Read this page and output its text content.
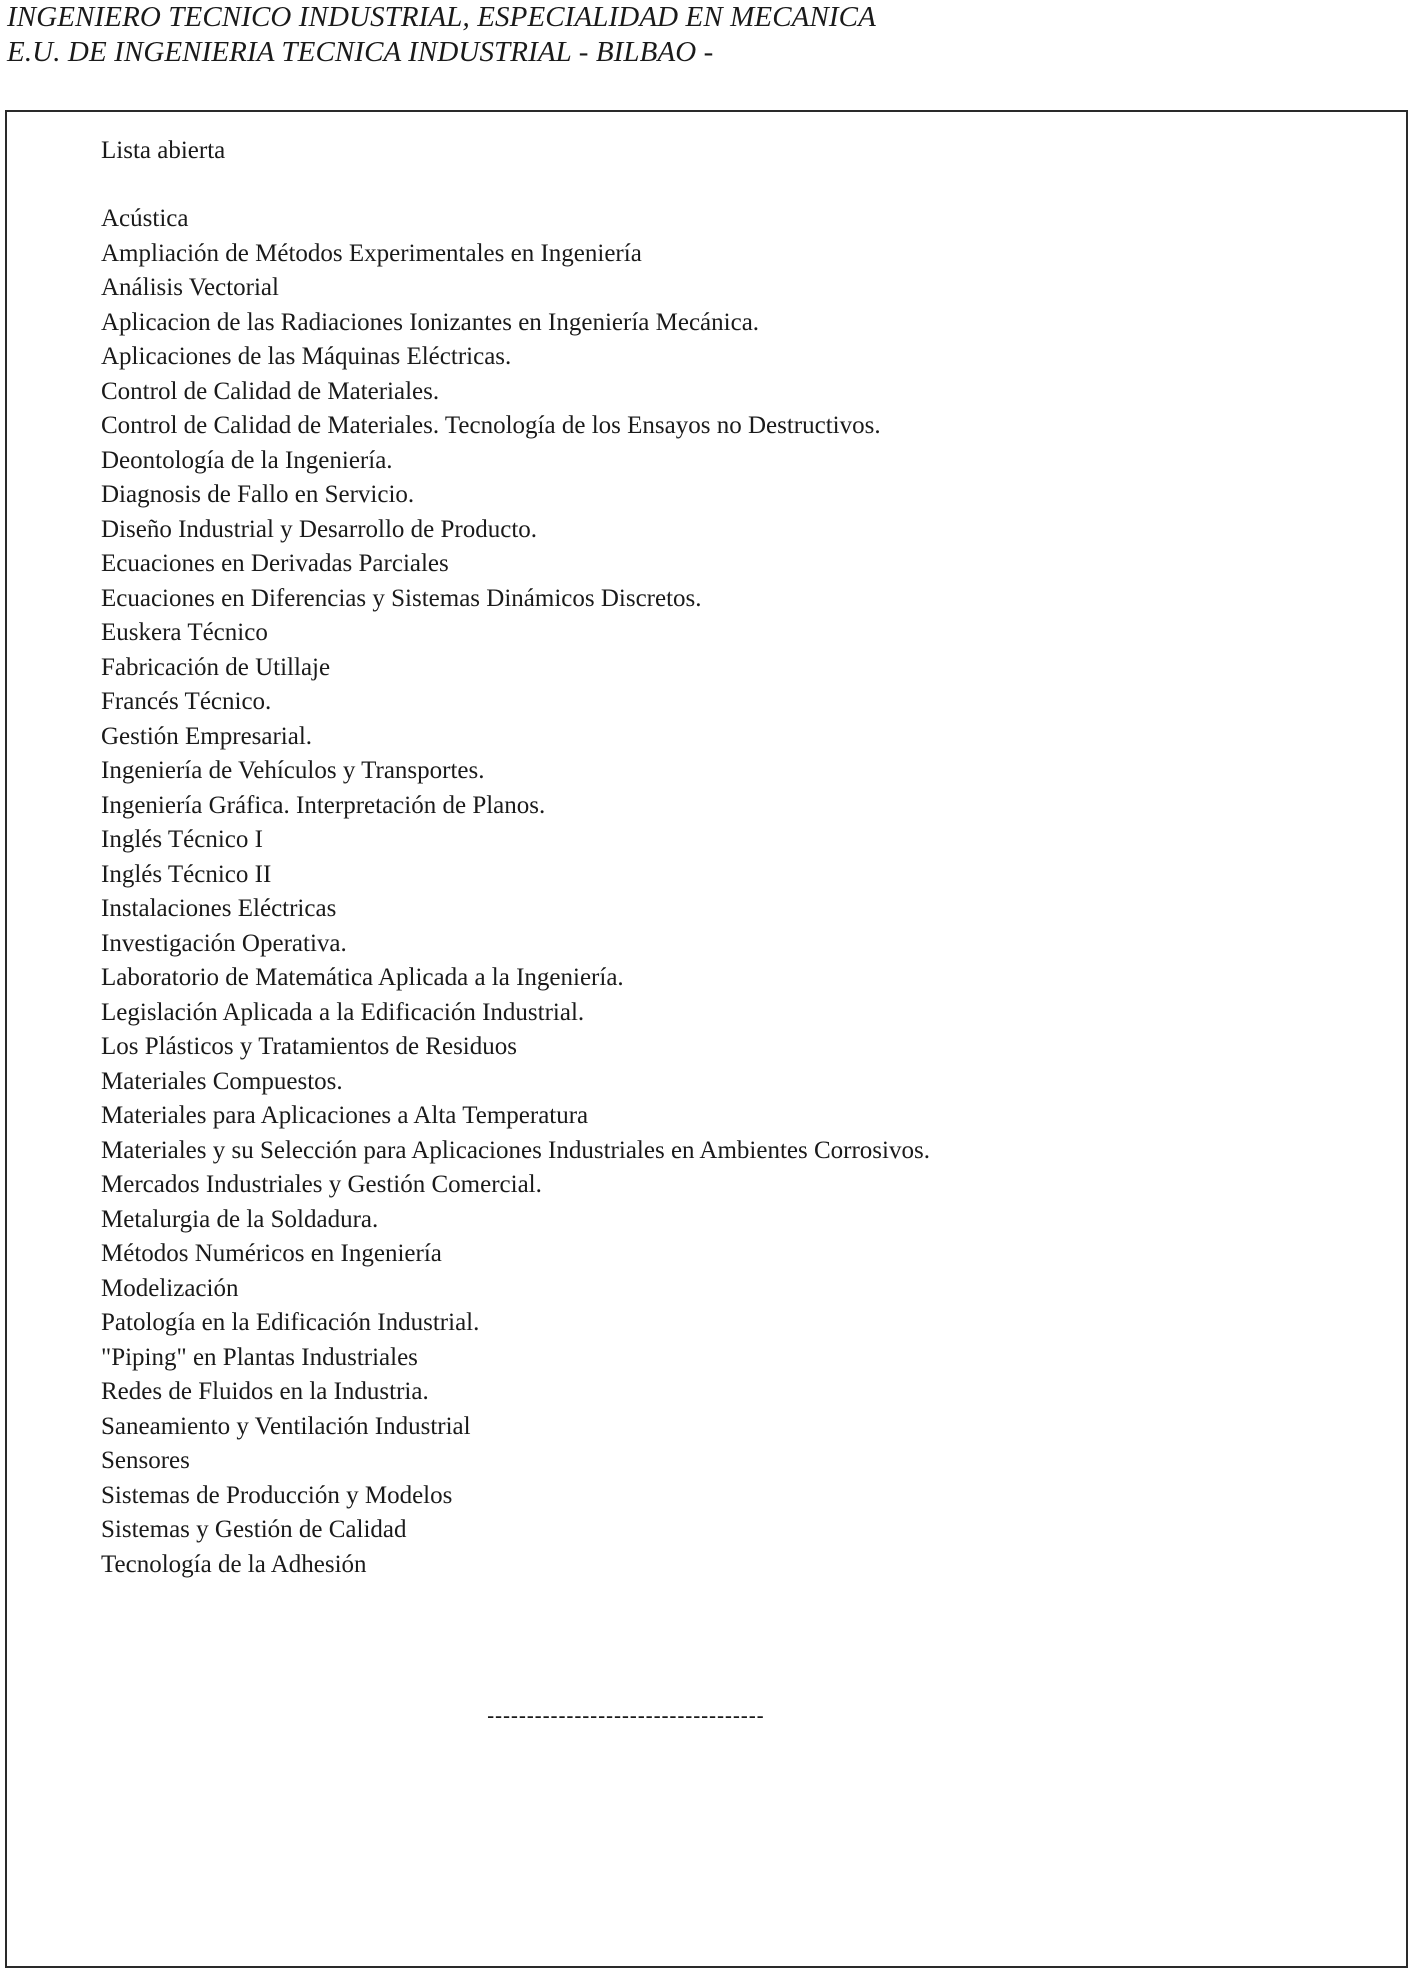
INGENIERO TECNICO INDUSTRIAL, ESPECIALIDAD EN MECANICA
E.U. DE INGENIERIA TECNICA INDUSTRIAL - BILBAO -
Lista abierta
Acústica
Ampliación de Métodos Experimentales en Ingeniería
Análisis Vectorial
Aplicacion de las Radiaciones Ionizantes en Ingeniería Mecánica.
Aplicaciones de las Máquinas Eléctricas.
Control de Calidad de Materiales.
Control de Calidad de Materiales. Tecnología de los Ensayos no Destructivos.
Deontología de la Ingeniería.
Diagnosis de Fallo en Servicio.
Diseño Industrial y Desarrollo de Producto.
Ecuaciones en Derivadas Parciales
Ecuaciones en Diferencias y Sistemas Dinámicos Discretos.
Euskera Técnico
Fabricación de Utillaje
Francés Técnico.
Gestión Empresarial.
Ingeniería de Vehículos y Transportes.
Ingeniería Gráfica. Interpretación de Planos.
Inglés Técnico I
Inglés Técnico II
Instalaciones Eléctricas
Investigación Operativa.
Laboratorio de Matemática Aplicada a la Ingeniería.
Legislación Aplicada a la Edificación Industrial.
Los Plásticos y Tratamientos de Residuos
Materiales Compuestos.
Materiales para Aplicaciones a Alta Temperatura
Materiales y su Selección para Aplicaciones Industriales en Ambientes Corrosivos.
Mercados Industriales y Gestión Comercial.
Metalurgia de la Soldadura.
Métodos Numéricos en Ingeniería
Modelización
Patología en la Edificación Industrial.
"Piping" en Plantas Industriales
Redes de Fluidos en la Industria.
Saneamiento y Ventilación Industrial
Sensores
Sistemas de Producción y Modelos
Sistemas y Gestión de Calidad
Tecnología de la Adhesión
-----------------------------------
